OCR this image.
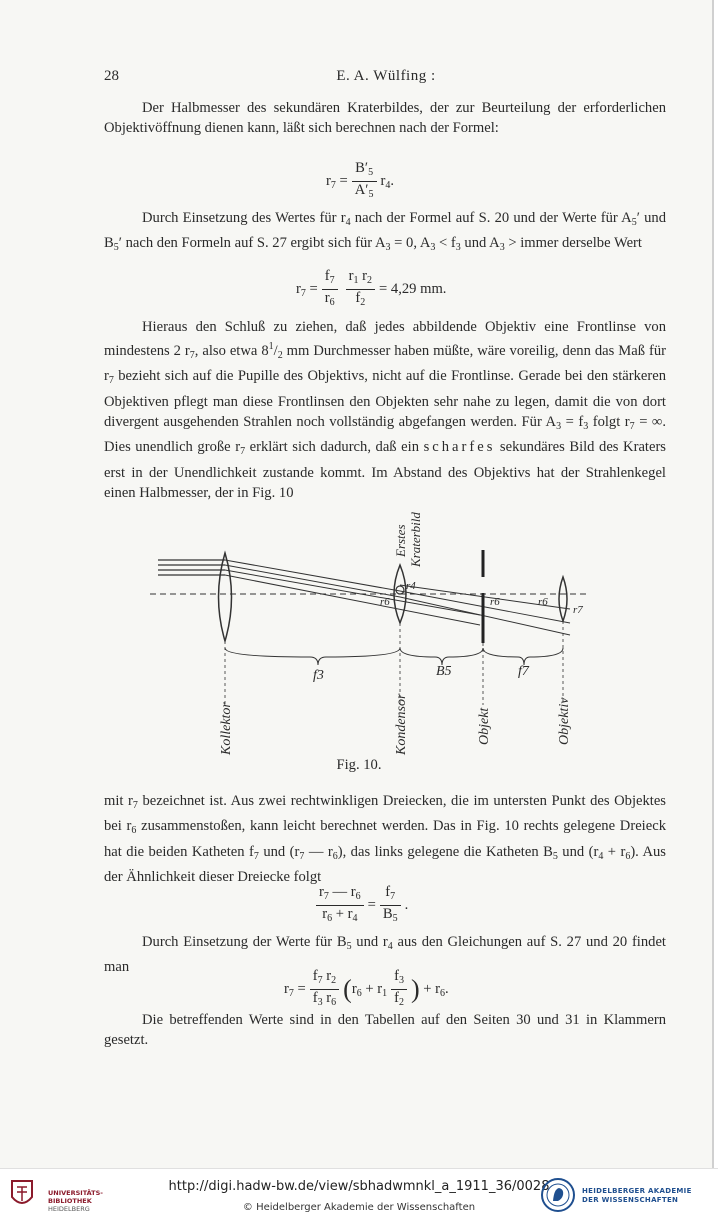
28	E. A. Wülfing :

Der Halbmesser des sekundären Kraterbildes, der zur Beurteilung der erforderlichen Objektivöffnung dienen kann, läßt sich berechnen nach der Formel:

$r_7 = \frac{B'_5}{A'_5} r_4$.

Durch Einsetzung des Wertes für $r_4$ nach der Formel auf S. 20 und der Werte für $A_5'$ und $B_5'$ nach den Formeln auf S. 27 ergibt sich für $A_3 = 0$, $A_3 < f_3$ und $A_3$ > immer derselbe Wert

$r_7 = \frac{f_7}{r_6} \frac{r_1 r_2}{f_2} = 4,29$ mm.

Hieraus den Schluß zu ziehen, daß jedes abbildende Objektiv eine Frontlinse von mindestens 2 $r_7$, also etwa $8^1/_2$ mm Durchmesser haben müßte, wäre voreilig, denn das Maß für $r_7$ bezieht sich auf die Pupille des Objektivs, nicht auf die Frontlinse. Gerade bei den stärkeren Objektiven pflegt man diese Frontlinsen den Objekten sehr nahe zu legen, damit die von dort divergent ausgehenden Strahlen noch vollständig abgefangen werden. Für $A_3 = f_3$ folgt $r_7$ = ∞. Dies unendlich große $r_7$ erklärt sich dadurch, daß ein scharfes sekundäres Bild des Kraters erst in der Unendlichkeit zustande kommt. Im Abstand des Objektivs hat der Strahlenkegel einen Halbmesser, der in Fig. 10

f3	B5	f7
r4
r6	r6	r6
r7
Erstes Kraterbild
Kollektor	Kondensor	Objekt	Objektiv
Fig. 10.

mit $r_7$ bezeichnet ist. Aus zwei rechtwinkligen Dreiecken, die im untersten Punkt des Objektes bei $r_6$ zusammenstoßen, kann leicht berechnet werden. Das in Fig. 10 rechts gelegene Dreieck hat die beiden Katheten $f_7$ und ($r_7$ — $r_6$), das links gelegene die Katheten $B_5$ und $(r_4 + r_6)$. Aus der Ähnlichkeit dieser Dreiecke folgt

$\frac{r_7 — r_6}{r_6 + r_4} = \frac{f_7}{B_5}$ .

Durch Einsetzung der Werte für $B_5$ und $r_4$ aus den Gleichungen auf S. 27 und 20 findet man

$r_7 = \frac{f_7 r_2}{f_3 r_6} (r_6 + r_1 \frac{f_3}{f_2}$ ) + $r_6$.

Die betreffenden Werte sind in den Tabellen auf den Seiten 30 und 31 in Klammern gesetzt.

UNIVERSITÄTS-
BIBLIOTHEK
HEIDELBERG
http://digi.hadw-bw.de/view/sbhadwmnkl_a_1911_36/0028
© Heidelberger Akademie der Wissenschaften
HEIDELBERGER AKADEMIE
DER WISSENSCHAFTEN
